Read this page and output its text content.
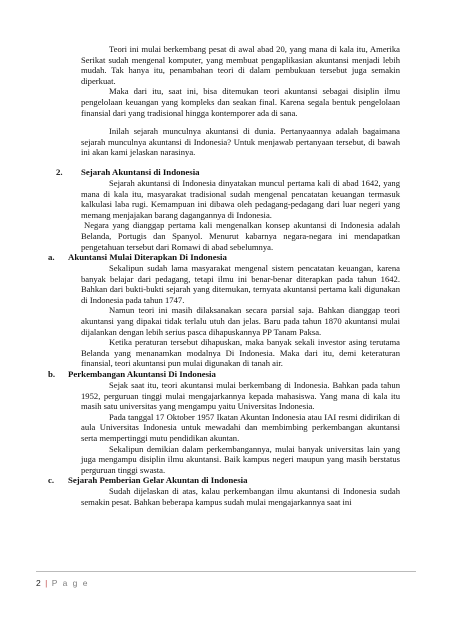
Teori ini mulai berkembang pesat di awal abad 20, yang mana di kala itu, Amerika Serikat sudah mengenal komputer, yang membuat pengaplikasian akuntansi menjadi lebih mudah. Tak hanya itu, penambahan teori di dalam pembukuan tersebut juga semakin diperkuat.

Maka dari itu, saat ini, bisa ditemukan teori akuntansi sebagai disiplin ilmu pengelolaan keuangan yang kompleks dan seakan final. Karena segala bentuk pengelolaan finansial dari yang tradisional hingga kontemporer ada di sana.

Inilah sejarah munculnya akuntansi di dunia. Pertanyaannya adalah bagaimana sejarah munculnya akuntansi di Indonesia? Untuk menjawab pertanyaan tersebut, di bawah ini akan kami jelaskan narasinya.

2. Sejarah Akuntansi di Indonesia

Sejarah akuntansi di Indonesia dinyatakan muncul pertama kali di abad 1642, yang mana di kala itu, masyarakat tradisional sudah mengenal pencatatan keuangan termasuk kalkulasi laba rugi. Kemampuan ini dibawa oleh pedagang-pedagang dari luar negeri yang memang menjajakan barang dagangannya di Indonesia.

Negara yang dianggap pertama kali mengenalkan konsep akuntansi di Indonesia adalah Belanda, Portugis dan Spanyol. Menurut kabarnya negara-negara ini mendapatkan pengetahuan tersebut dari Romawi di abad sebelumnya.

a. Akuntansi Mulai Diterapkan Di Indonesia

Sekalipun sudah lama masyarakat mengenal sistem pencatatan keuangan, karena banyak belajar dari pedagang, tetapi ilmu ini benar-benar diterapkan pada tahun 1642. Bahkan dari bukti-bukti sejarah yang ditemukan, ternyata akuntansi pertama kali digunakan di Indonesia pada tahun 1747.

Namun teori ini masih dilaksanakan secara parsial saja. Bahkan dianggap teori akuntansi yang dipakai tidak terlalu utuh dan jelas. Baru pada tahun 1870 akuntansi mulai dijalankan dengan lebih serius pasca dihapuskannya PP Tanam Paksa.

Ketika peraturan tersebut dihapuskan, maka banyak sekali investor asing terutama Belanda yang menanamkan modalnya Di Indonesia. Maka dari itu, demi keteraturan finansial, teori akuntansi pun mulai digunakan di tanah air.

b. Perkembangan Akuntansi Di Indonesia

Sejak saat itu, teori akuntansi mulai berkembang di Indonesia. Bahkan pada tahun 1952, perguruan tinggi mulai mengajarkannya kepada mahasiswa. Yang mana di kala itu masih satu universitas yang mengampu yaitu Universitas Indonesia.

Pada tanggal 17 Oktober 1957 Ikatan Akuntan Indonesia atau IAI resmi didirikan di aula Universitas Indonesia untuk mewadahi dan membimbing perkembangan akuntansi serta mempertinggi mutu pendidikan akuntan.

Sekalipun demikian dalam perkembangannya, mulai banyak universitas lain yang juga mengampu disiplin ilmu akuntansi. Baik kampus negeri maupun yang masih berstatus perguruan tinggi swasta.

c. Sejarah Pemberian Gelar Akuntan di Indonesia

Sudah dijelaskan di atas, kalau perkembangan ilmu akuntansi di Indonesia sudah semakin pesat. Bahkan beberapa kampus sudah mulai mengajarkannya saat ini

2 | P a g e
